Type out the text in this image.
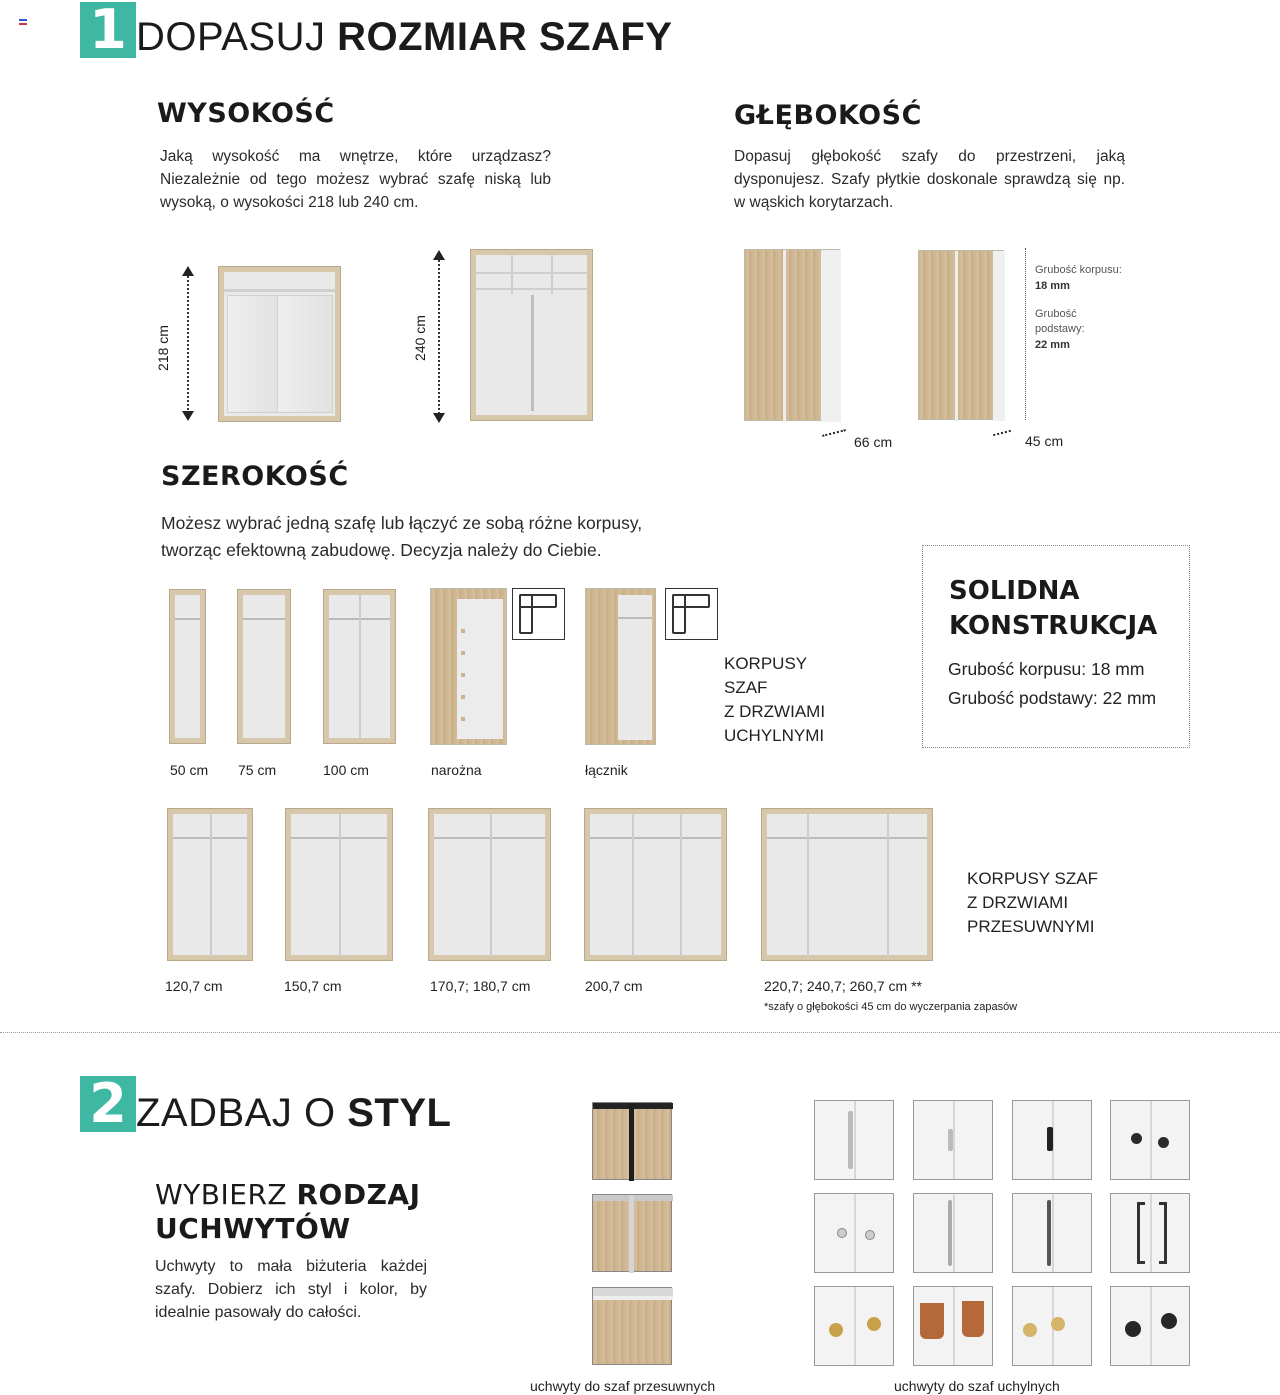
1 DOPASUJ ROZMIAR SZAFY
WYSOKOŚĆ
Jaką wysokość ma wnętrze, które urządzasz? Niezależnie od tego możesz wybrać szafę niską lub wysoką, o wysokości 218 lub 240 cm.
218 cm	240 cm
GŁĘBOKOŚĆ
Dopasuj głębokość szafy do przestrzeni, jaką dysponujesz. Szafy płytkie doskonale sprawdzą się np. w wąskich korytarzach.
66 cm	45 cm
Grubość korpusu:
18 mm
Grubość
podstawy:
22 mm
SZEROKOŚĆ
Możesz wybrać jedną szafę lub łączyć ze sobą różne korpusy,
tworząc efektowną zabudowę. Decyzja należy do Ciebie.
50 cm 75 cm	100 cm	narożna	łącznik
KORPUSY
SZAF
Z DRZWIAMI
UCHYLNYMI
SOLIDNA
KONSTRUKCJA
Grubość korpusu: 18 mm
Grubość podstawy: 22 mm
120,7 cm	150,7 cm	170,7; 180,7 cm	200,7 cm	220,7; 240,7; 260,7 cm **
KORPUSY SZAF
Z DRZWIAMI
PRZESUWNYMI
*szafy o głębokości 45 cm do wyczerpania zapasów
2 ZADBAJ O STYL
WYBIERZ RODZAJ
UCHWYTÓW
Uchwyty to mała biżuteria każdej szafy. Dobierz ich styl i kolor, by idealnie pasowały do całości.
uchwyty do szaf przesuwnych	uchwyty do szaf uchylnych
